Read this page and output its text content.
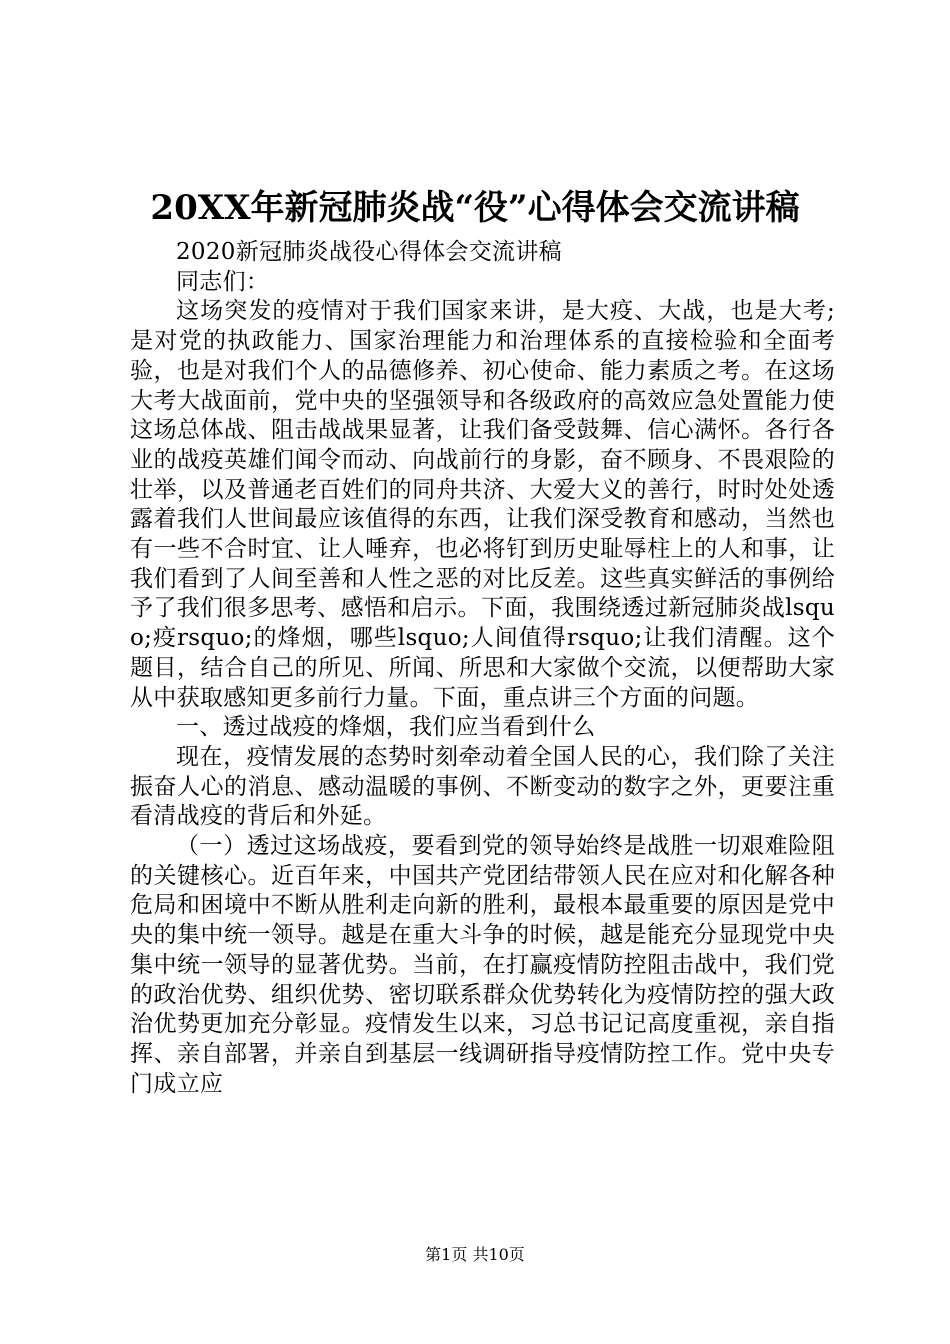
20XX年新冠肺炎战“役”心得体会交流讲稿

2020新冠肺炎战役心得体会交流讲稿

同志们：

这场突发的疫情对于我们国家来讲，是大疫、大战，也是大考;是对党的执政能力、国家治理能力和治理体系的直接检验和全面考验，也是对我们个人的品德修养、初心使命、能力素质之考。在这场大考大战面前，党中央的坚强领导和各级政府的高效应急处置能力使这场总体战、阻击战战果显著，让我们备受鼓舞、信心满怀。各行各业的战疫英雄们闻令而动、向战前行的身影，奋不顾身、不畏艰险的壮举，以及普通老百姓们的同舟共济、大爱大义的善行，时时处处透露着我们人世间最应该值得的东西，让我们深受教育和感动，当然也有一些不合时宜、让人唾弃，也必将钉到历史耻辱柱上的人和事，让我们看到了人间至善和人性之恶的对比反差。这些真实鲜活的事例给予了我们很多思考、感悟和启示。下面，我围绕透过新冠肺炎战lsquo;疫rsquo;的烽烟，哪些lsquo;人间值得rsquo;让我们清醒。这个题目，结合自己的所见、所闻、所思和大家做个交流，以便帮助大家从中获取感知更多前行力量。下面，重点讲三个方面的问题。

一、透过战疫的烽烟，我们应当看到什么

现在，疫情发展的态势时刻牵动着全国人民的心，我们除了关注振奋人心的消息、感动温暖的事例、不断变动的数字之外，更要注重看清战疫的背后和外延。

（一）透过这场战疫，要看到党的领导始终是战胜一切艰难险阻的关键核心。近百年来，中国共产党团结带领人民在应对和化解各种危局和困境中不断从胜利走向新的胜利，最根本最重要的原因是党中央的集中统一领导。越是在重大斗争的时候，越是能充分显现党中央集中统一领导的显著优势。当前，在打赢疫情防控阻击战中，我们党的政治优势、组织优势、密切联系群众优势转化为疫情防控的强大政治优势更加充分彰显。疫情发生以来，习总书记记高度重视，亲自指挥、亲自部署，并亲自到基层一线调研指导疫情防控工作。党中央专门成立应

第1页 共10页
